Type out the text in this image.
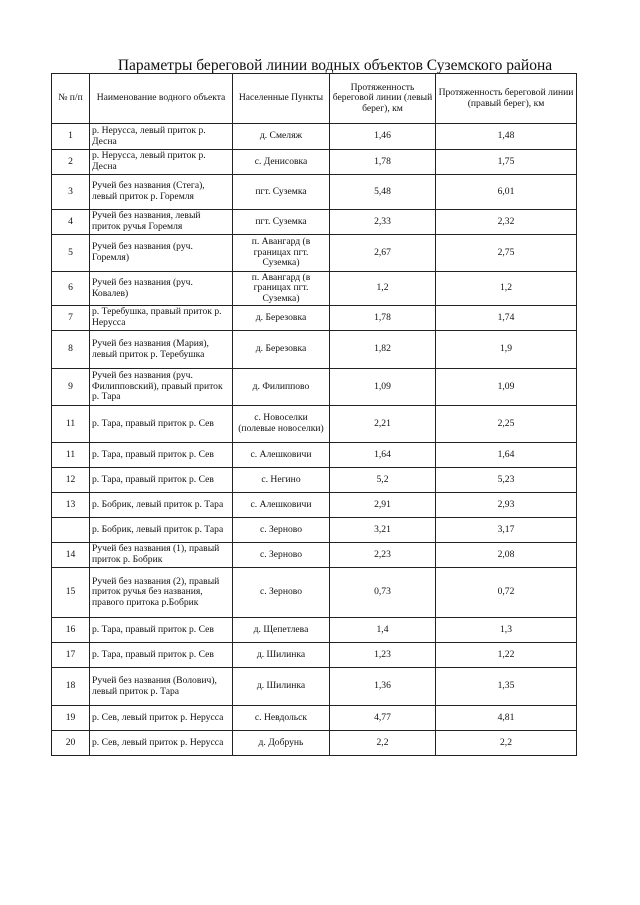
Параметры береговой линии водных объектов Суземского района
№ п/п	Наименование водного объекта	Населенные Пункты	Протяженность береговой линии (левый берег), км	Протяженность береговой линии (правый берег), км
1	р. Нерусса, левый приток р. Десна	д. Смеляж	1,46	1,48
2	р. Нерусса, левый приток р. Десна	с. Денисовка	1,78	1,75
3	Ручей без названия (Стега), левый приток р. Горемля	пгт. Суземка	5,48	6,01
4	Ручей без названия, левый приток ручья Горемля	пгт. Суземка	2,33	2,32
5	Ручей без названия (руч. Горемля)	п. Авангард (в границах пгт. Суземка)	2,67	2,75
6	Ручей без названия (руч. Ковалев)	п. Авангард (в границах пгт. Суземка)	1,2	1,2
7	р. Теребушка, правый приток р. Нерусса	д. Березовка	1,78	1,74
8	Ручей без названия (Мария), левый приток р. Теребушка	д. Березовка	1,82	1,9
9	Ручей без названия (руч. Филипповский), правый приток р. Тара	д. Филиппово	1,09	1,09
11	р. Тара, правый приток р. Сев	с. Новоселки (полевые новоселки)	2,21	2,25
11	р. Тара, правый приток р. Сев	с. Алешковичи	1,64	1,64
12	р. Тара, правый приток р. Сев	с. Негино	5,2	5,23
13	р. Бобрик, левый приток р. Тара	с. Алешковичи	2,91	2,93
	р. Бобрик, левый приток р. Тара	с. Зерново	3,21	3,17
14	Ручей без названия (1), правый приток р. Бобрик	с. Зерново	2,23	2,08
15	Ручей без названия (2), правый приток ручья без названия, правого притока р.Бобрик	с. Зерново	0,73	0,72
16	р. Тара, правый приток р. Сев	д. Щепетлева	1,4	1,3
17	р. Тара, правый приток р. Сев	д. Шилинка	1,23	1,22
18	Ручей без названия (Волович), левый приток р. Тара	д. Шилинка	1,36	1,35
19	р. Сев, левый приток р. Нерусса	с. Невдольск	4,77	4,81
20	р. Сев, левый приток р. Нерусса	д. Добрунь	2,2	2,2
